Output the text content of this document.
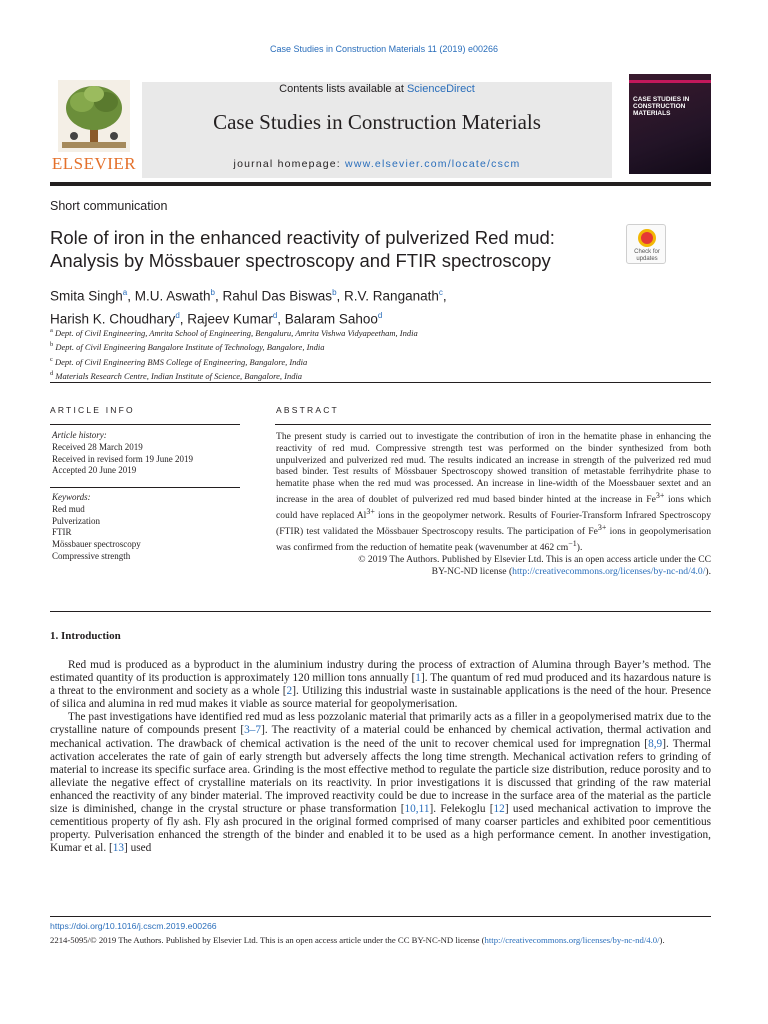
Case Studies in Construction Materials 11 (2019) e00266
ELSEVIER
Contents lists available at ScienceDirect
Case Studies in Construction Materials
journal homepage: www.elsevier.com/locate/cscm
CASE STUDIES IN CONSTRUCTION MATERIALS
Short communication
Role of iron in the enhanced reactivity of pulverized Red mud:
Analysis by Mössbauer spectroscopy and FTIR spectroscopy	Check for updates
Smita Singh$^a$, M.U. Aswath$^b$, Rahul Das Biswas$^b$, R.V. Ranganath$^c$,
Harish K. Choudhary$^d$, Rajeev Kumar$^d$, Balaram Sahoo$^d$
$^a$ Dept. of Civil Engineering, Amrita School of Engineering, Bengaluru, Amrita Vishwa Vidyapeetham, India
$^b$ Dept. of Civil Engineering Bangalore Institute of Technology, Bangalore, India
$^c$ Dept. of Civil Engineering BMS College of Engineering, Bangalore, India
$^d$ Materials Research Centre, Indian Institute of Science, Bangalore, India
ARTICLE INFO
Article history:
Received 28 March 2019
Received in revised form 19 June 2019
Accepted 20 June 2019
Keywords:
Red mud
Pulverization
FTIR
Mössbauer spectroscopy
Compressive strength
ABSTRACT
The present study is carried out to investigate the contribution of iron in the hematite phase in enhancing the reactivity of red mud. Compressive strength test was performed on the binder synthesized from both unpulverized and pulverized red mud. The results indicated an increase in strength of the pulverized red mud based binder. Test results of Mössbauer Spectroscopy showed transition of metastable ferrihydrite phase to hematite phase when the red mud was processed. An increase in line-width of the Moessbauer sextet and an increase in the area of doublet of pulverized red mud based binder hinted at the increase in $Fe^{3+}$ ions which could have replaced $Al^{3+}$ ions in the geopolymer network. Results of Fourier-Transform Infrared Spectroscopy (FTIR) test validated the Mössbauer Spectroscopy results. The participation of $Fe^{3+}$ ions in geopolymerisation was confirmed from the reduction of hematite peak (wavenumber at 462 $cm^{-1}$).
© 2019 The Authors. Published by Elsevier Ltd. This is an open access article under the CC
BY-NC-ND license (http://creativecommons.org/licenses/by-nc-nd/4.0/).
1. Introduction

Red mud is produced as a byproduct in the aluminium industry during the process of extraction of Alumina through Bayer’s method. The estimated quantity of its production is approximately 120 million tons annually [1]. The quantum of red mud produced and its hazardous nature is a threat to the environment and society as a whole [2]. Utilizing this industrial waste in sustainable applications is the need of the hour. Presence of silica and alumina in red mud makes it viable as source material for geopolymerisation.

The past investigations have identified red mud as less pozzolanic material that primarily acts as a filler in a geopolymerised matrix due to the crystalline nature of compounds present [3–7]. The reactivity of a material could be enhanced by chemical activation, thermal activation and mechanical activation. The drawback of chemical activation is the need of the unit to recover chemical used for impregnation [8,9]. Thermal activation accelerates the rate of gain of early strength but adversely affects the long time strength. Mechanical activation refers to grinding of material to increase its specific surface area. Grinding is the most effective method to regulate the particle size distribution, reduce porosity and to alleviate the negative effect of crystalline materials on its reactivity. In prior investigations it is discussed that grinding of the raw material enhanced the reactivity of any binder material. The improved reactivity could be due to increase in the surface area of the material as the particle size is diminished, change in the crystal structure or phase transformation [10,11]. Felekoglu [12] used mechanical activation to improve the cementitious property of fly ash. Fly ash procured in the original formed comprised of many coarser particles and exhibited poor cementitious property. Pulverisation enhanced the strength of the binder and enabled it to be used as a high performance cement. In another investigation, Kumar et al. [13] used

https://doi.org/10.1016/j.cscm.2019.e00266
2214-5095/© 2019 The Authors. Published by Elsevier Ltd. This is an open access article under the CC BY-NC-ND license (http://creativecommons.org/licenses/by-nc-nd/4.0/).
